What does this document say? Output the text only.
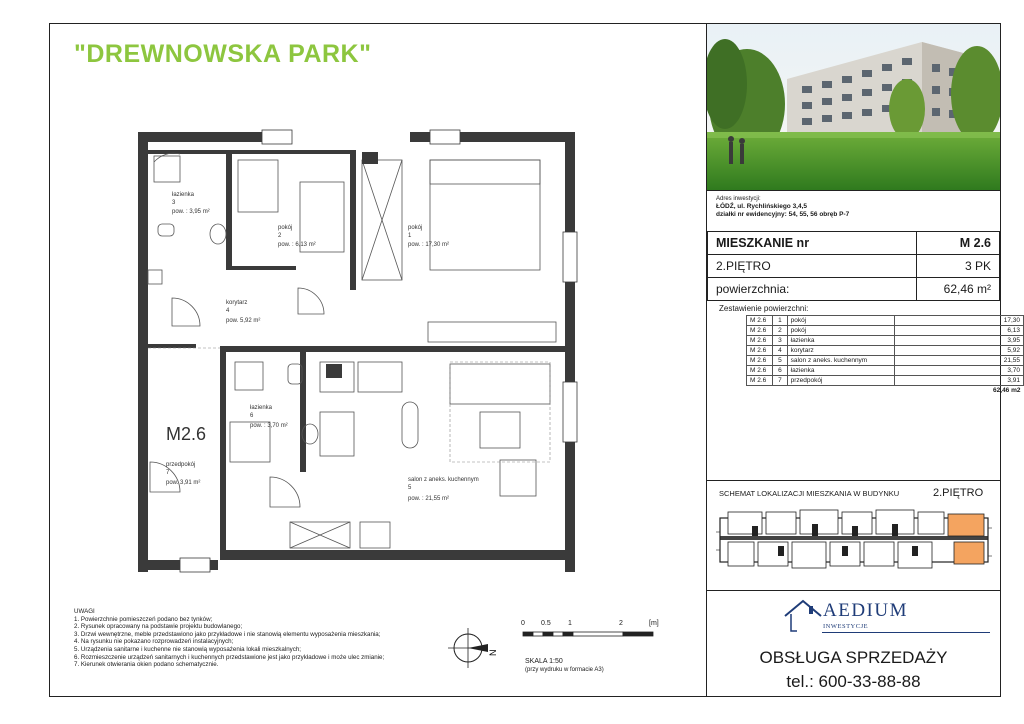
"DREWNOWSKA PARK"
Adres inwestycji:
ŁÓDŹ, ul. Rychlińskiego 3,4,5
działki nr ewidencyjny: 54, 55, 56 obręb P-7
MIESZKANIE nr	M 2.6
2.PIĘTRO	3 PK
powierzchnia:	62,46 m²
Zestawienie powierzchni:
M 2.6	1	pokój	17,30
M 2.6	2	pokój	6,13
M 2.6	3	łazienka	3,95
M 2.6	4	korytarz	5,92
M 2.6	5	salon z aneks. kuchennym	21,55
M 2.6	6	łazienka	3,70
M 2.6	7	przedpokój	3,91
62,46 m2			
SCHEMAT LOKALIZACJI MIESZKANIA W BUDYNKU	2.PIĘTRO
AEDIUM
INWESTYCJE
OBSŁUGA SPRZEDAŻY
tel.: 600-33-88-88
UWAGI
1. Powierzchnie pomieszczeń podano bez tynków;
2. Rysunek opracowany na podstawie projektu budowlanego;
3. Drzwi wewnętrzne, meble przedstawiono jako przykładowe i nie stanowią elementu wyposażenia mieszkania;
4. Na rysunku nie pokazano rozprowadzeń instalacyjnych;
5. Urządzenia sanitarne i kuchenne nie stanowią wyposażenia lokali mieszkalnych;
6. Rozmieszczenie urządzeń sanitarnych i kuchennych przedstawione jest jako przykładowe i może ulec zmianie;
7. Kierunek otwierania okien podano schematycznie.
N
0 0.5 1	2	[m]
SKALA 1:50
(przy wydruku w formacie A3)
M2.6
łazienka
3
pow. : 3,95 m²
pokój
2
pow. : 6,13 m²
pokój
1
pow. : 17,30 m²
korytarz
4
pow. 5,92 m²
łazienka
6
pow. : 3,70 m²
przedpokój
7
pow. 3,91 m²	salon z aneks. kuchennym
5
pow. : 21,55 m²
